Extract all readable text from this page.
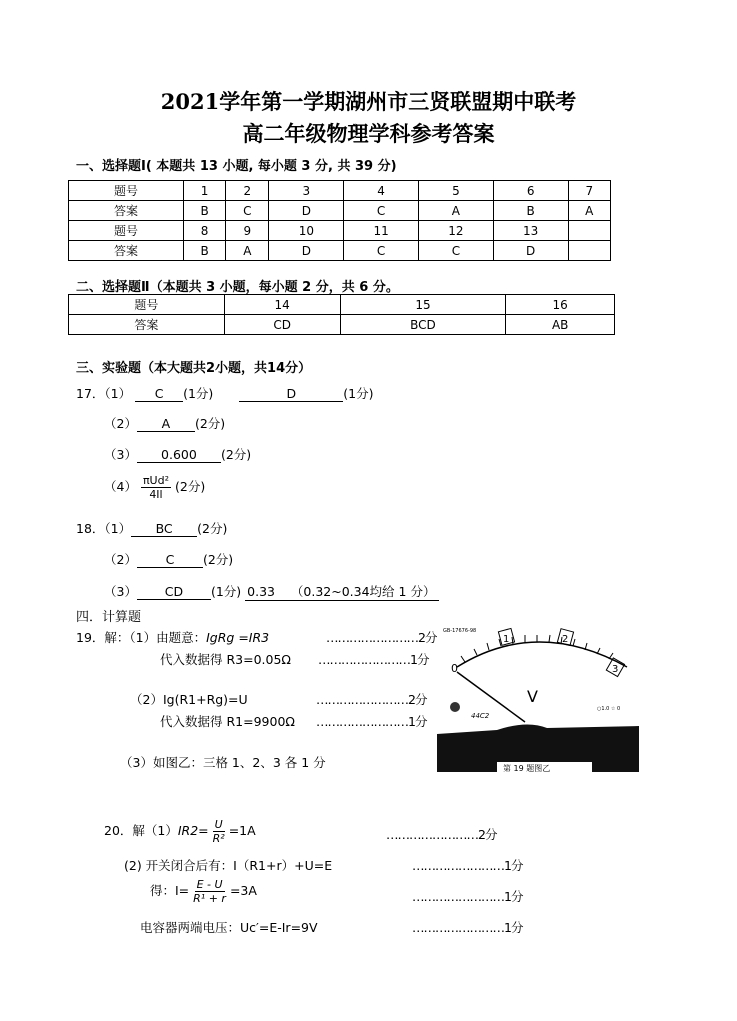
2021学年第一学期湖州市三贤联盟期中联考
高二年级物理学科参考答案
一、选择题Ⅰ( 本题共 13 小题, 每小题 3 分, 共 39 分)
题号	1	2	3	4	5	6	7
答案	B	C	D	C	A	B	A
题号	8	9	10	11	12	13	
答案	B	A	D	C	C	D	
二、选择题Ⅱ（本题共 3 小题，每小题 2 分，共 6 分。
题号	14	15	16
答案	CD	BCD	AB
三、实验题（本大题共2小题，共14分）
17．（1） C (1分)	D	(1分)
（2） A (2分)
（3） 0.600 (2分)
$(4) \frac{\text{πUd²}}{4Il} (2$分)
18．（1） BC (2分)
（2） C (2分)
（3） CD (1分) 0.33 （0.32~0.34均给 1 分）
四．计算题
19．解：（1）由题意：IgRg =IR3	……………………2分
代入数据得 R3=0.05Ω ……………………1分
（2）Ig(R1+Rg)=U	……………………2分
代入数据得 R1=9900Ω ……………………1分
（3）如图乙：三格 1、2、3 各 1 分
0
1	2
3
GB-17676-98
V
44C2
○1.0 ☆ 0
第 19 题图乙
20．解$(1)IR2= \frac{U}{\text{R²}} =1A$	……………………2分
(2) 开关闭合后有：I（R1+r）+U=E	……………………1分
得：$I= \frac{E - U}{\text{R¹ + r}} =3A$	……………………1分
电容器两端电压：Uc′=E-Ir=9V	……………………1分
